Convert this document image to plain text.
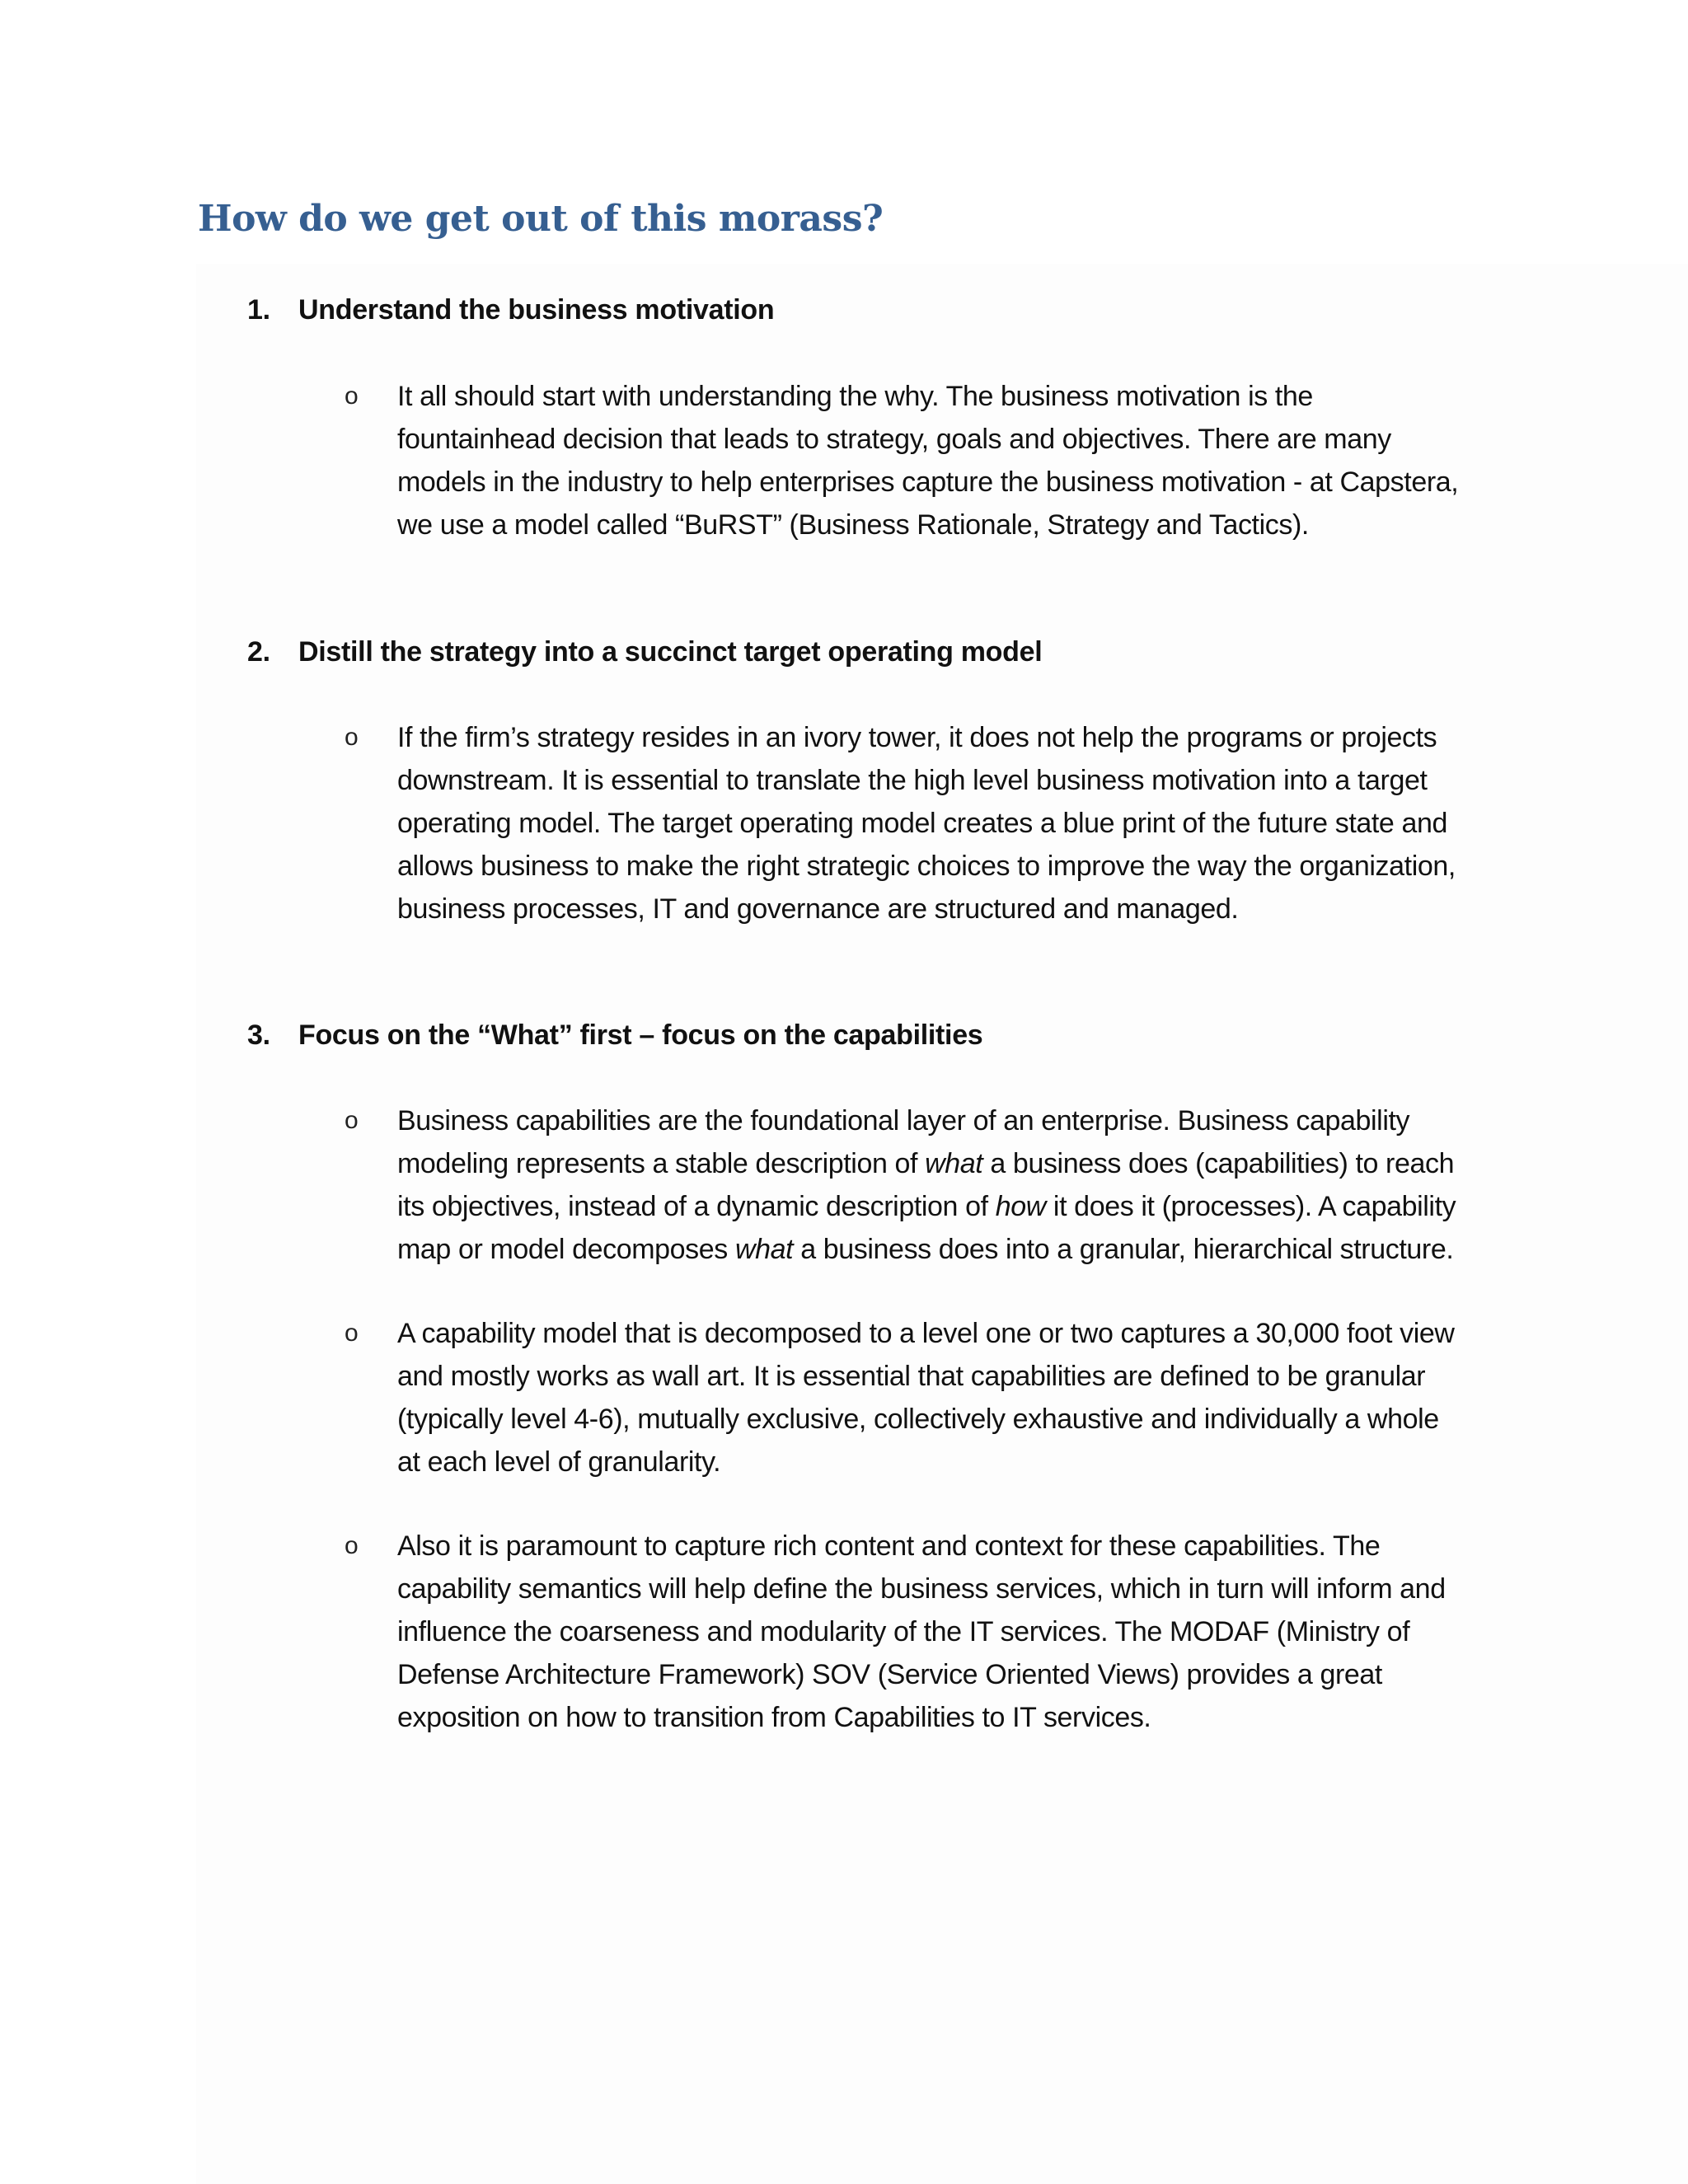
How do we get out of this morass?
1. Understand the business motivation
o It all should start with understanding the why. The business motivation is the
fountainhead decision that leads to strategy, goals and objectives. There are many
models in the industry to help enterprises capture the business motivation - at Capstera,
we use a model called “BuRST” (Business Rationale, Strategy and Tactics).
2. Distill the strategy into a succinct target operating model
o If the firm’s strategy resides in an ivory tower, it does not help the programs or projects
downstream. It is essential to translate the high level business motivation into a target
operating model. The target operating model creates a blue print of the future state and
allows business to make the right strategic choices to improve the way the organization,
business processes, IT and governance are structured and managed.
3. Focus on the “What” first – focus on the capabilities
o Business capabilities are the foundational layer of an enterprise. Business capability
modeling represents a stable description of what a business does (capabilities) to reach
its objectives, instead of a dynamic description of how it does it (processes). A capability
map or model decomposes what a business does into a granular, hierarchical structure.
o A capability model that is decomposed to a level one or two captures a 30,000 foot view
and mostly works as wall art. It is essential that capabilities are defined to be granular
(typically level 4-6), mutually exclusive, collectively exhaustive and individually a whole
at each level of granularity.
o Also it is paramount to capture rich content and context for these capabilities. The
capability semantics will help define the business services, which in turn will inform and
influence the coarseness and modularity of the IT services. The MODAF (Ministry of
Defense Architecture Framework) SOV (Service Oriented Views) provides a great
exposition on how to transition from Capabilities to IT services.
